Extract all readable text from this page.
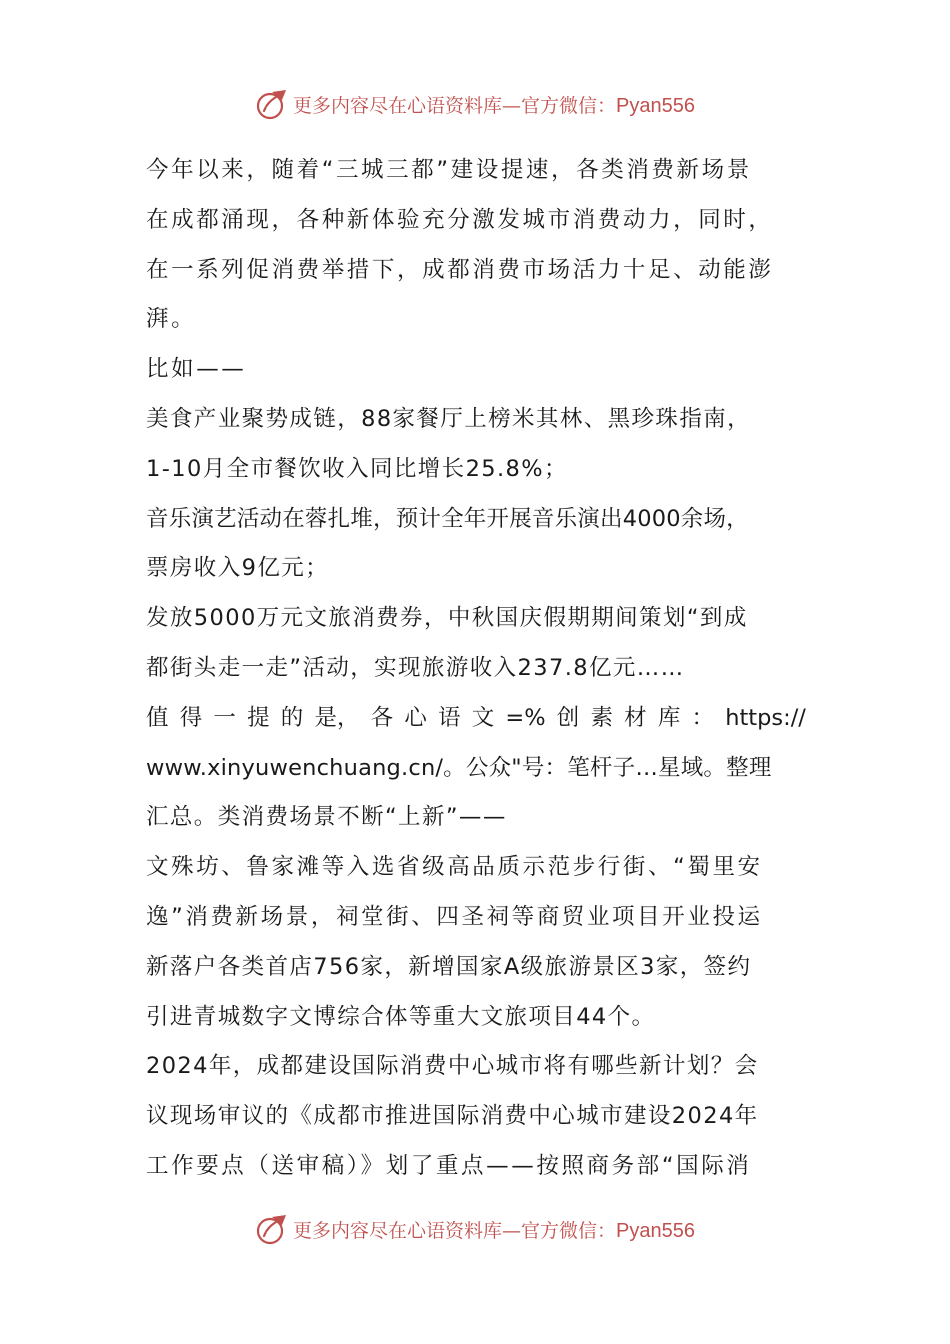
更多内容尽在心语资料库—官方微信：Pyan556
今年以来，随着“三城三都”建设提速，各类消费新场景
在成都涌现，各种新体验充分激发城市消费动力，同时，
在一系列促消费举措下，成都消费市场活力十足、动能澎
湃。
比如——
美食产业聚势成链，88家餐厅上榜米其林、黑珍珠指南，
1-10月全市餐饮收入同比增长25.8%；
音乐演艺活动在蓉扎堆，预计全年开展音乐演出4000余场，
票房收入9亿元；
发放5000万元文旅消费券，中秋国庆假期期间策划“到成
都街头走一走”活动，实现旅游收入237.8亿元……
值 得 一 提 的 是， 各 心 语 文 =% 创 素 材 库 ： https://
www.xinyuwenchuang.cn/。公众"号：笔杆子…星域。整理
汇总。类消费场景不断“上新”——
文殊坊、鲁家滩等入选省级高品质示范步行街、“蜀里安
逸”消费新场景，祠堂街、四圣祠等商贸业项目开业投运
新落户各类首店756家，新增国家A级旅游景区3家，签约
引进青城数字文博综合体等重大文旅项目44个。
2024年，成都建设国际消费中心城市将有哪些新计划？会
议现场审议的《成都市推进国际消费中心城市建设2024年
工作要点（送审稿）》划了重点——按照商务部“国际消
更多内容尽在心语资料库—官方微信：Pyan556
